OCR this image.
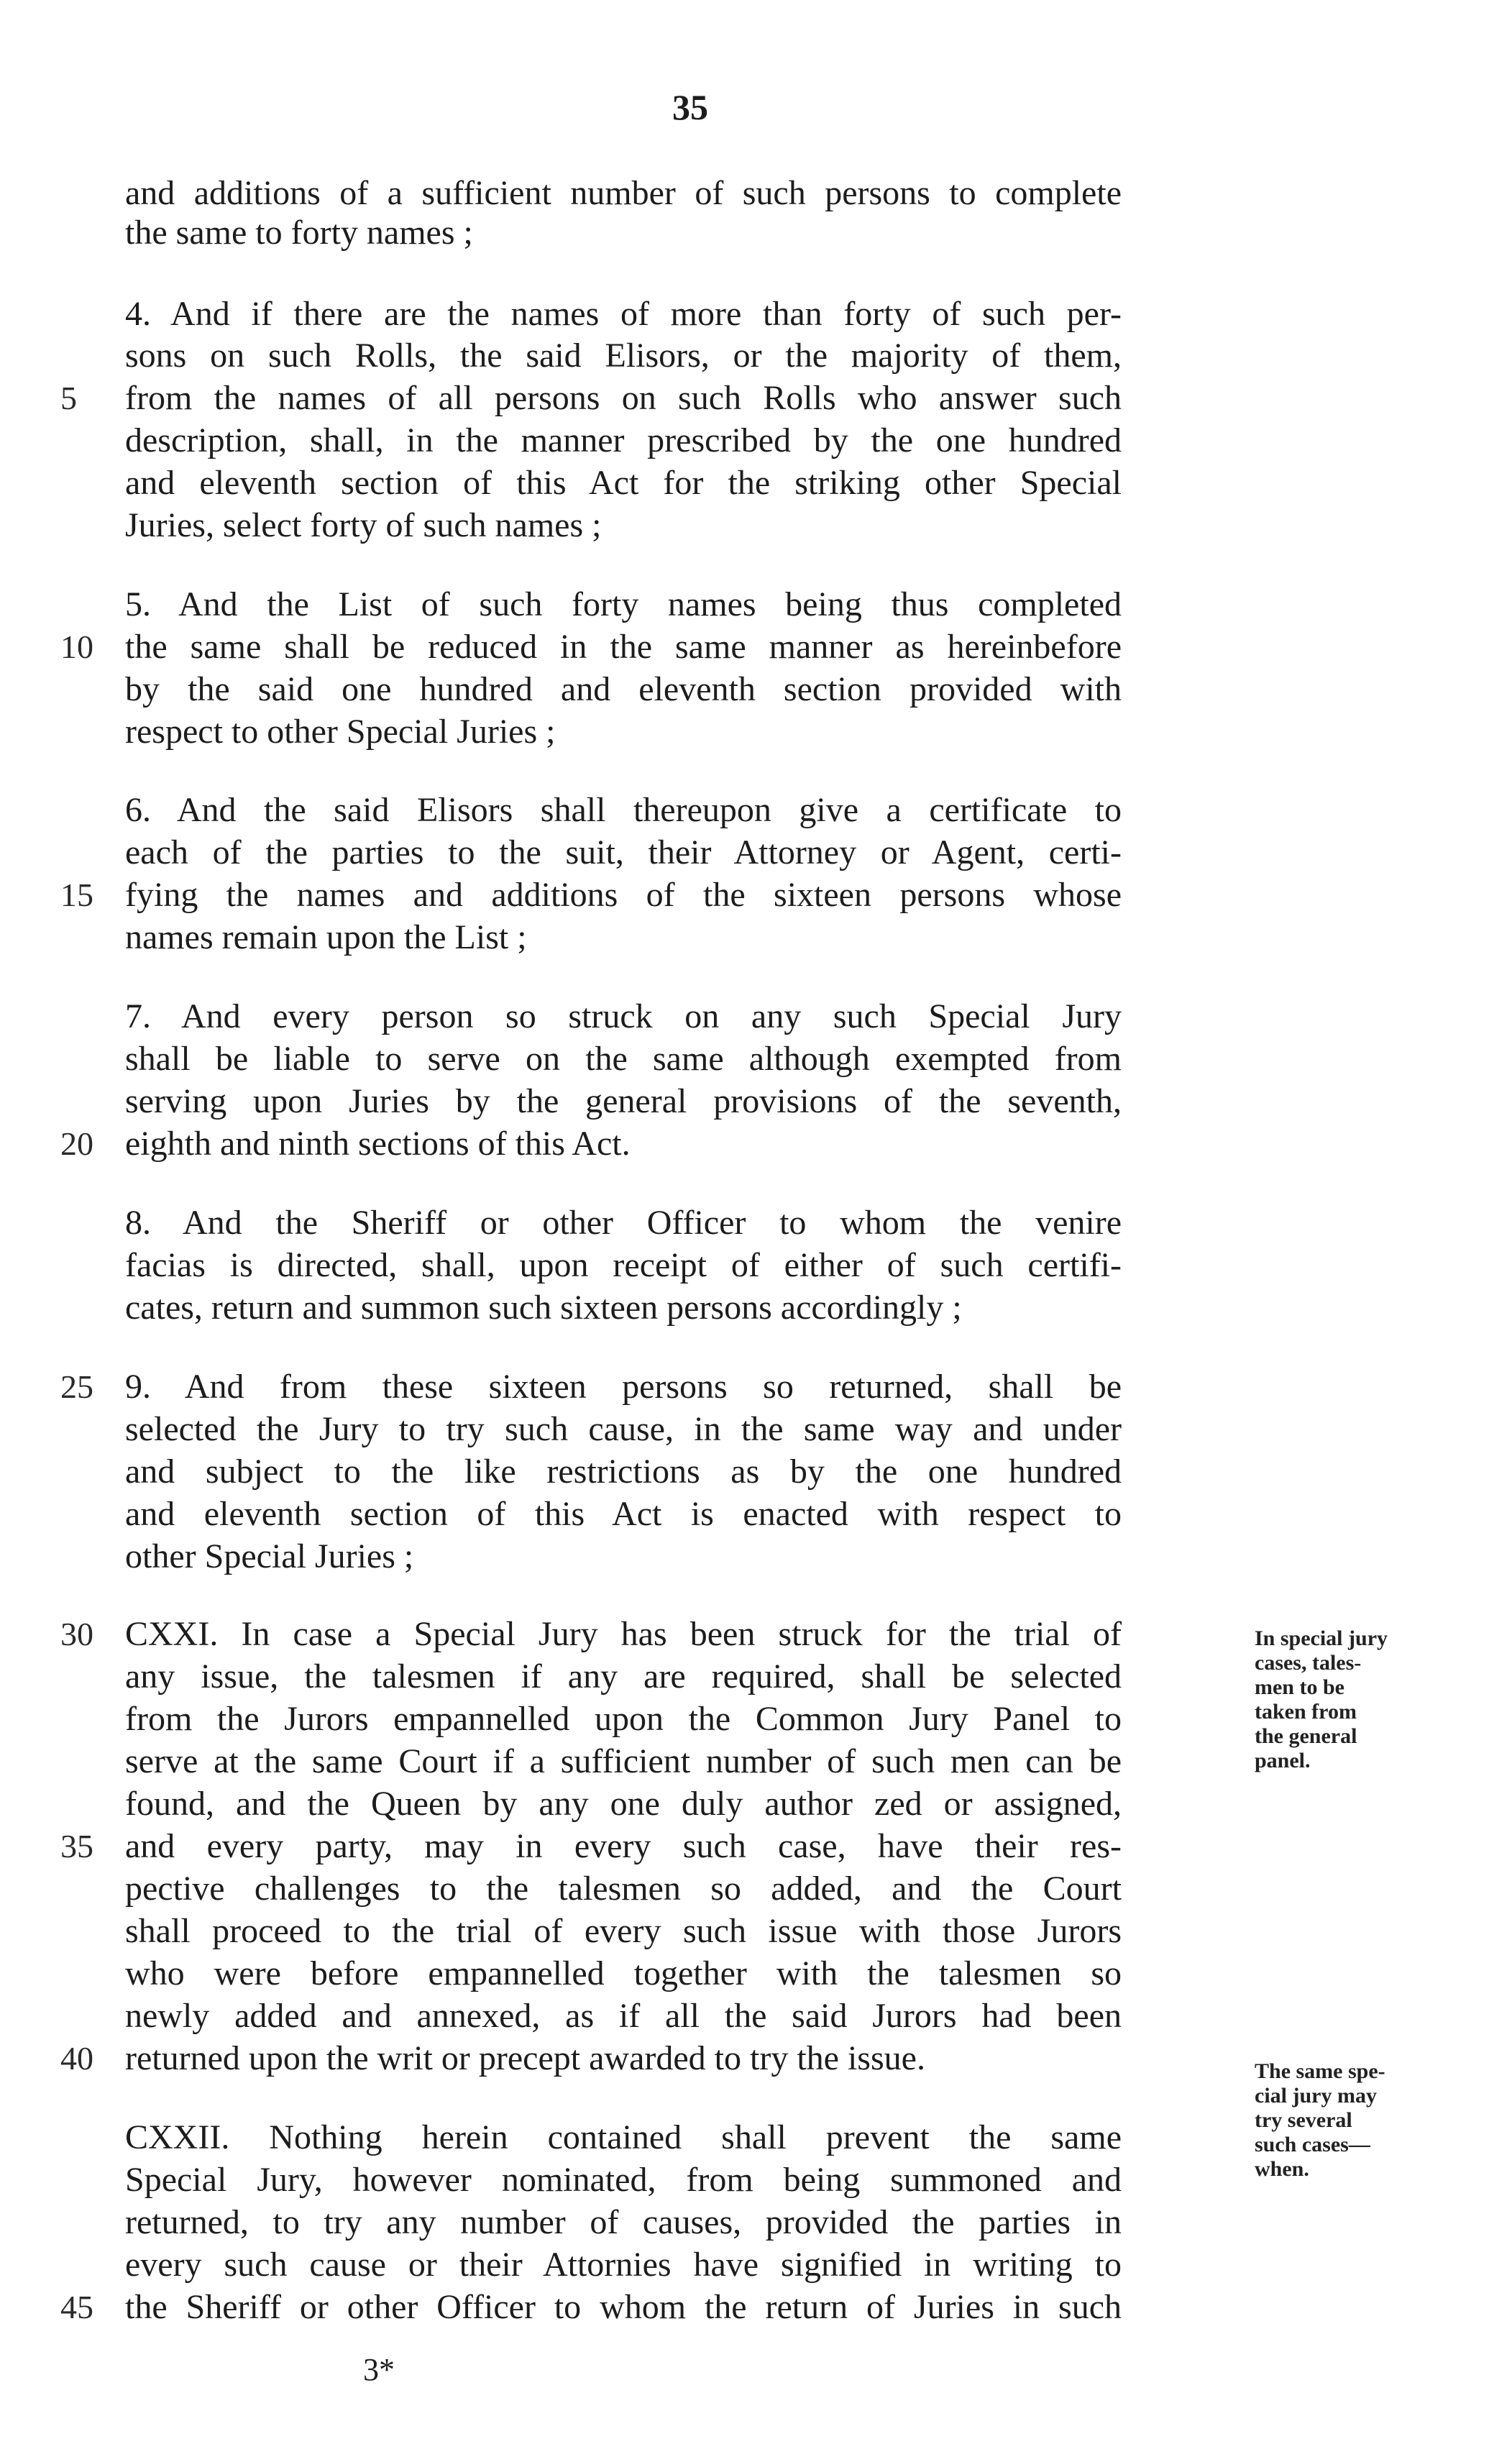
35
and additions of a sufficient number of such persons to complete
the same to forty names ;
4. And if there are the names of more than forty of such per-
sons on such Rolls, the said Elisors, or the majority of them,
5	from the names of all persons on such Rolls who answer such
description, shall, in the manner prescribed by the one hundred
and eleventh section of this Act for the striking other Special
Juries, select forty of such names ;
5. And the List of such forty names being thus completed
10 the same shall be reduced in the same manner as hereinbefore
by the said one hundred and eleventh section provided with
respect to other Special Juries ;
6. And the said Elisors shall thereupon give a certificate to
each of the parties to the suit, their Attorney or Agent, certi-
15 fying the names and additions of the sixteen persons whose
names remain upon the List ;
7. And every person so struck on any such Special Jury
shall be liable to serve on the same although exempted from
serving upon Juries by the general provisions of the seventh,
20 eighth and ninth sections of this Act.
8. And the Sheriff or other Officer to whom the venire
facias is directed, shall, upon receipt of either of such certifi-
cates, return and summon such sixteen persons accordingly ;
25 9. And from these sixteen persons so returned, shall be
selected the Jury to try such cause, in the same way and under
and subject to the like restrictions as by the one hundred
and eleventh section of this Act is enacted with respect to
other Special Juries ;
30 CXXI. In case a Special Jury has been struck for the trial of
any issue, the talesmen if any are required, shall be selected
from the Jurors empannelled upon the Common Jury Panel to
serve at the same Court if a sufficient number of such men can be
found, and the Queen by any one duly author zed or assigned,
35 and every party, may in every such case, have their res-
pective challenges to the talesmen so added, and the Court
shall proceed to the trial of every such issue with those Jurors
who were before empannelled together with the talesmen so
newly added and annexed, as if all the said Jurors had been
40 returned upon the writ or precept awarded to try the issue.
CXXII. Nothing herein contained shall prevent the same
Special Jury, however nominated, from being summoned and
returned, to try any number of causes, provided the parties in
every such cause or their Attornies have signified in writing to
45 the Sheriff or other Officer to whom the return of Juries in such
In special jury
cases, tales-
men to be
taken from
the general
panel.
The same spe-
cial jury may
try several
such cases—
when.
3*
